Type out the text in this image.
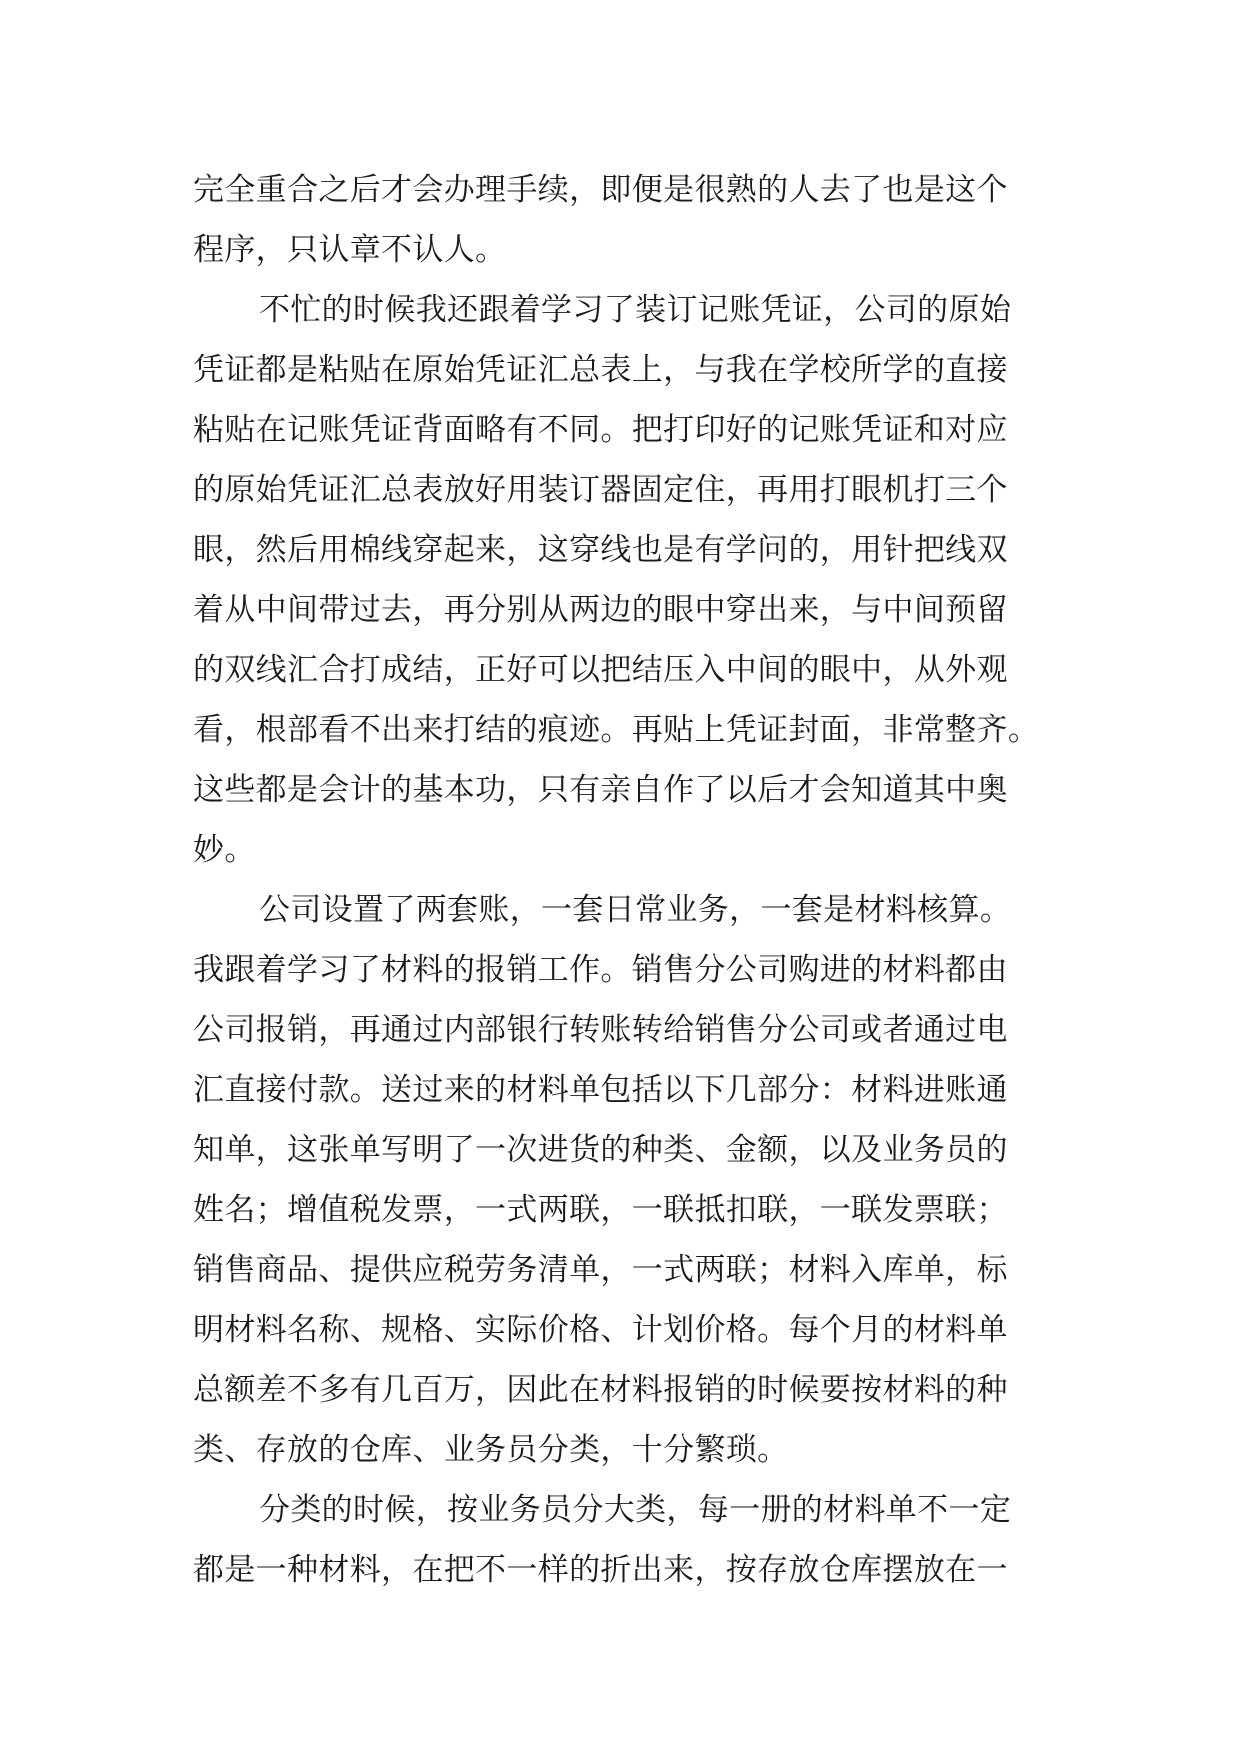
完全重合之后才会办理手续，即便是很熟的人去了也是这个
程序，只认章不认人。
不忙的时候我还跟着学习了装订记账凭证，公司的原始
凭证都是粘贴在原始凭证汇总表上，与我在学校所学的直接
粘贴在记账凭证背面略有不同。把打印好的记账凭证和对应
的原始凭证汇总表放好用装订器固定住，再用打眼机打三个
眼，然后用棉线穿起来，这穿线也是有学问的，用针把线双
着从中间带过去，再分别从两边的眼中穿出来，与中间预留
的双线汇合打成结，正好可以把结压入中间的眼中，从外观
看，根部看不出来打结的痕迹。再贴上凭证封面，非常整齐。
这些都是会计的基本功，只有亲自作了以后才会知道其中奥
妙。
公司设置了两套账，一套日常业务，一套是材料核算。
我跟着学习了材料的报销工作。销售分公司购进的材料都由
公司报销，再通过内部银行转账转给销售分公司或者通过电
汇直接付款。送过来的材料单包括以下几部分：材料进账通
知单，这张单写明了一次进货的种类、金额，以及业务员的
姓名；增值税发票，一式两联，一联抵扣联，一联发票联；
销售商品、提供应税劳务清单，一式两联；材料入库单，标
明材料名称、规格、实际价格、计划价格。每个月的材料单
总额差不多有几百万，因此在材料报销的时候要按材料的种
类、存放的仓库、业务员分类，十分繁琐。
分类的时候，按业务员分大类，每一册的材料单不一定
都是一种材料，在把不一样的折出来，按存放仓库摆放在一
